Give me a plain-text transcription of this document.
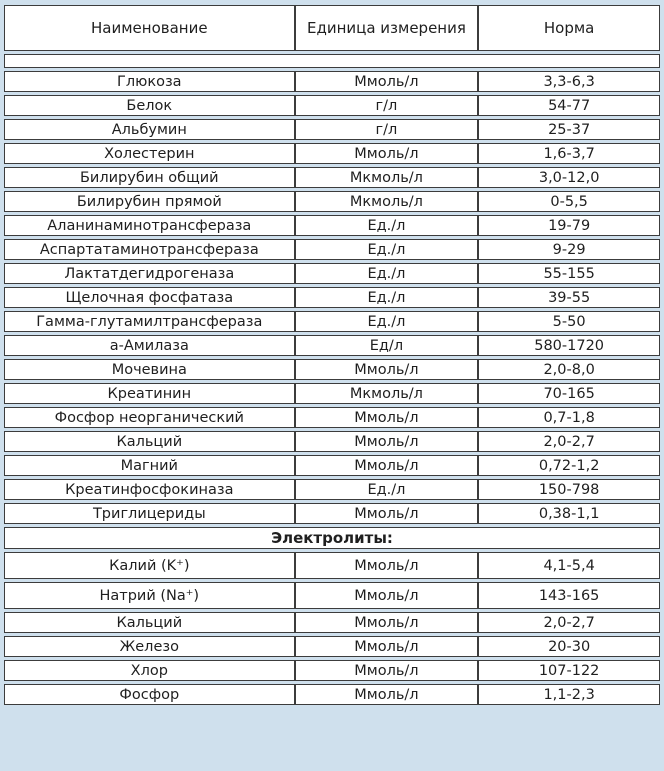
Наименование	Единица измерения	Норма

Глюкоза	Ммоль/л	3,3-6,3
Белок	г/л	54-77
Альбумин	г/л	25-37
Холестерин	Ммоль/л	1,6-3,7
Билирубин общий	Мкмоль/л	3,0-12,0
Билирубин прямой	Мкмоль/л	0-5,5
Аланинаминотрансфераза	Ед./л	19-79
Аспартатаминотрансфераза	Ед./л	9-29
Лактатдегидрогеназа	Ед./л	55-155
Щелочная фосфатаза	Ед./л	39-55
Гамма-глутамилтрансфераза	Ед./л	5-50
а-Амилаза	Ед/л	580-1720
Мочевина	Ммоль/л	2,0-8,0
Креатинин	Мкмоль/л	70-165
Фосфор неорганический	Ммоль/л	0,7-1,8
Кальций	Ммоль/л	2,0-2,7
Магний	Ммоль/л	0,72-1,2
Креатинфосфокиназа	Ед./л	150-798
Триглицериды	Ммоль/л	0,38-1,1
Электролиты:		
Калий (K⁺)	Ммоль/л	4,1-5,4
Натрий (Na⁺)	Ммоль/л	143-165
Кальций	Ммоль/л	2,0-2,7
Железо	Ммоль/л	20-30
Хлор	Ммоль/л	107-122
Фосфор	Ммоль/л	1,1-2,3
